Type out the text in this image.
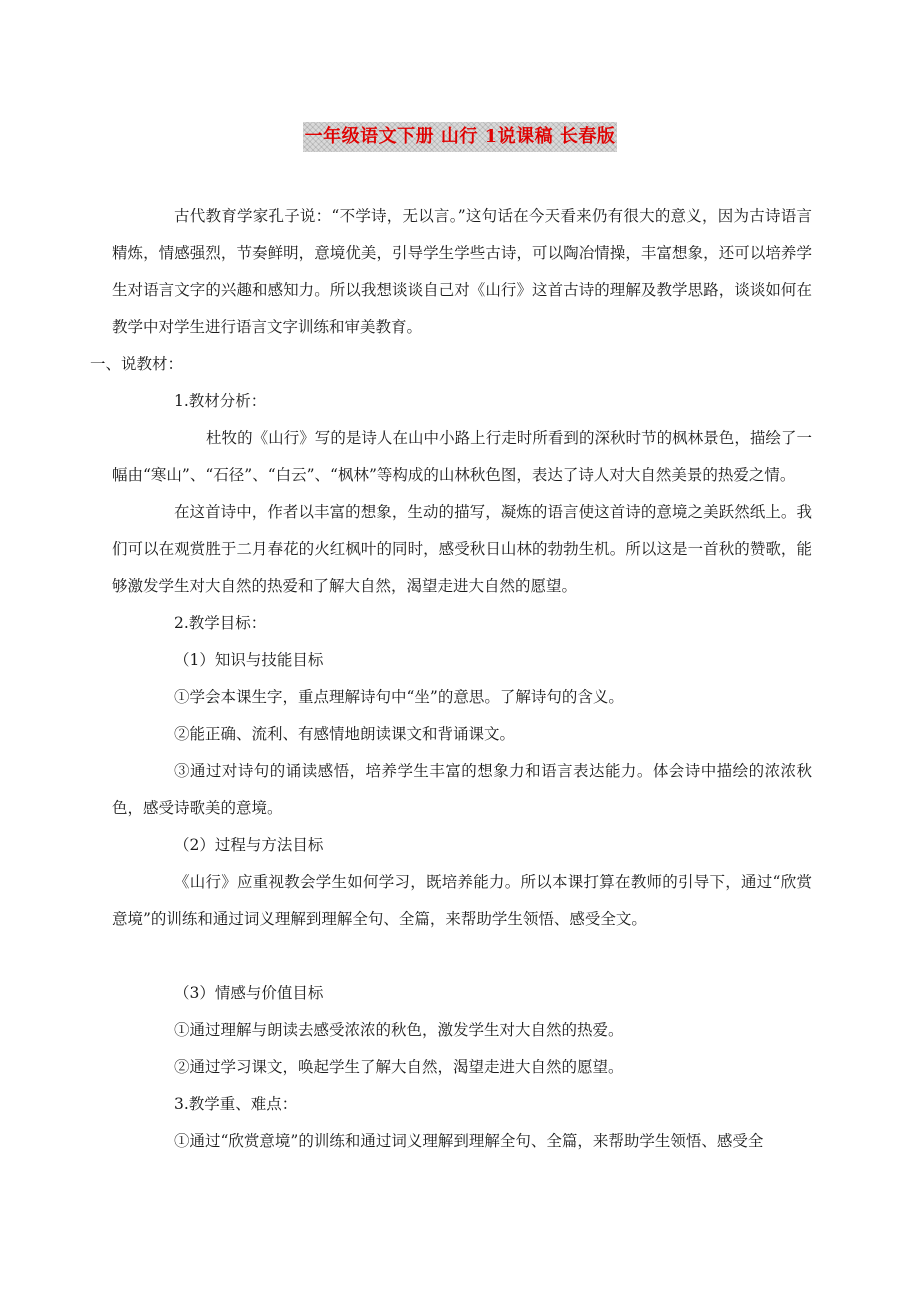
一年级语文下册 山行 1说课稿 长春版

古代教育学家孔子说：“不学诗，无以言。”这句话在今天看来仍有很大的意义，因为古诗语言精炼，情感强烈，节奏鲜明，意境优美，引导学生学些古诗，可以陶冶情操，丰富想象，还可以培养学生对语言文字的兴趣和感知力。所以我想谈谈自己对《山行》这首古诗的理解及教学思路，谈谈如何在教学中对学生进行语言文字训练和审美教育。

一、说教材：

1.教材分析：

杜牧的《山行》写的是诗人在山中小路上行走时所看到的深秋时节的枫林景色，描绘了一幅由“寒山”、“石径”、“白云”、“枫林”等构成的山林秋色图，表达了诗人对大自然美景的热爱之情。

在这首诗中，作者以丰富的想象，生动的描写，凝炼的语言使这首诗的意境之美跃然纸上。我们可以在观赏胜于二月春花的火红枫叶的同时，感受秋日山林的勃勃生机。所以这是一首秋的赞歌，能够激发学生对大自然的热爱和了解大自然，渴望走进大自然的愿望。

2.教学目标：

（1）知识与技能目标

①学会本课生字，重点理解诗句中“坐”的意思。了解诗句的含义。

②能正确、流利、有感情地朗读课文和背诵课文。

③通过对诗句的诵读感悟，培养学生丰富的想象力和语言表达能力。体会诗中描绘的浓浓秋色，感受诗歌美的意境。

（2）过程与方法目标

《山行》应重视教会学生如何学习，既培养能力。所以本课打算在教师的引导下，通过“欣赏意境”的训练和通过词义理解到理解全句、全篇，来帮助学生领悟、感受全文。

（3）情感与价值目标

①通过理解与朗读去感受浓浓的秋色，激发学生对大自然的热爱。

②通过学习课文，唤起学生了解大自然，渴望走进大自然的愿望。

3.教学重、难点：

①通过“欣赏意境”的训练和通过词义理解到理解全句、全篇，来帮助学生领悟、感受全
